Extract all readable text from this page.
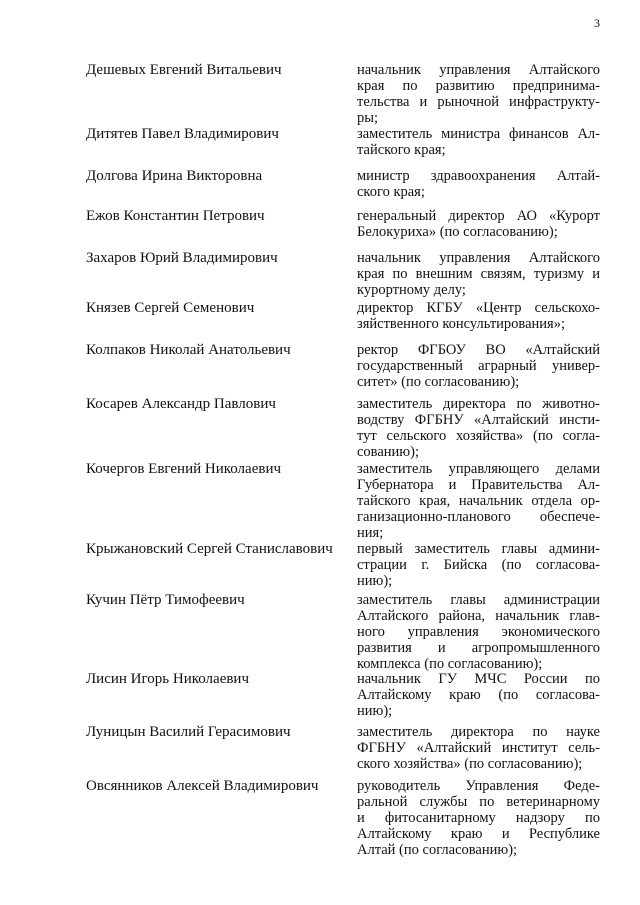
3
Дешевых Евгений Витальевич	начальник управления Алтайского
края по развитию предпринима-
тельства и рыночной инфраструкту-
ры;
Дитятев Павел Владимирович	заместитель министра финансов Ал-
тайского края;
Долгова Ирина Викторовна	министр здравоохранения Алтай-
ского края;
Ежов Константин Петрович	генеральный директор АО «Курорт
Белокуриха» (по согласованию);
Захаров Юрий Владимирович	начальник управления Алтайского
края по внешним связям, туризму и
курортному делу;
Князев Сергей Семенович	директор КГБУ «Центр сельскохо-
зяйственного консультирования»;
Колпаков Николай Анатольевич	ректор ФГБОУ ВО «Алтайский
государственный аграрный универ-
ситет» (по согласованию);
Косарев Александр Павлович	заместитель директора по животно-
водству ФГБНУ «Алтайский инсти-
тут сельского хозяйства» (по согла-
сованию);
Кочергов Евгений Николаевич	заместитель управляющего делами
Губернатора и Правительства Ал-
тайского края, начальник отдела ор-
ганизационно-планового обеспече-
ния;
Крыжановский Сергей Станиславович	первый заместитель главы админи-
страции г. Бийска (по согласова-
нию);
Кучин Пётр Тимофеевич	заместитель главы администрации
Алтайского района, начальник глав-
ного управления экономического
развития и агропромышленного
комплекса (по согласованию);
Лисин Игорь Николаевич	начальник ГУ МЧС России по
Алтайскому краю (по согласова-
нию);
Луницын Василий Герасимович	заместитель директора по науке
ФГБНУ «Алтайский институт сель-
ского хозяйства» (по согласованию);
Овсянников Алексей Владимирович	руководитель Управления Феде-
ральной службы по ветеринарному
и фитосанитарному надзору по
Алтайскому краю и Республике
Алтай (по согласованию);
